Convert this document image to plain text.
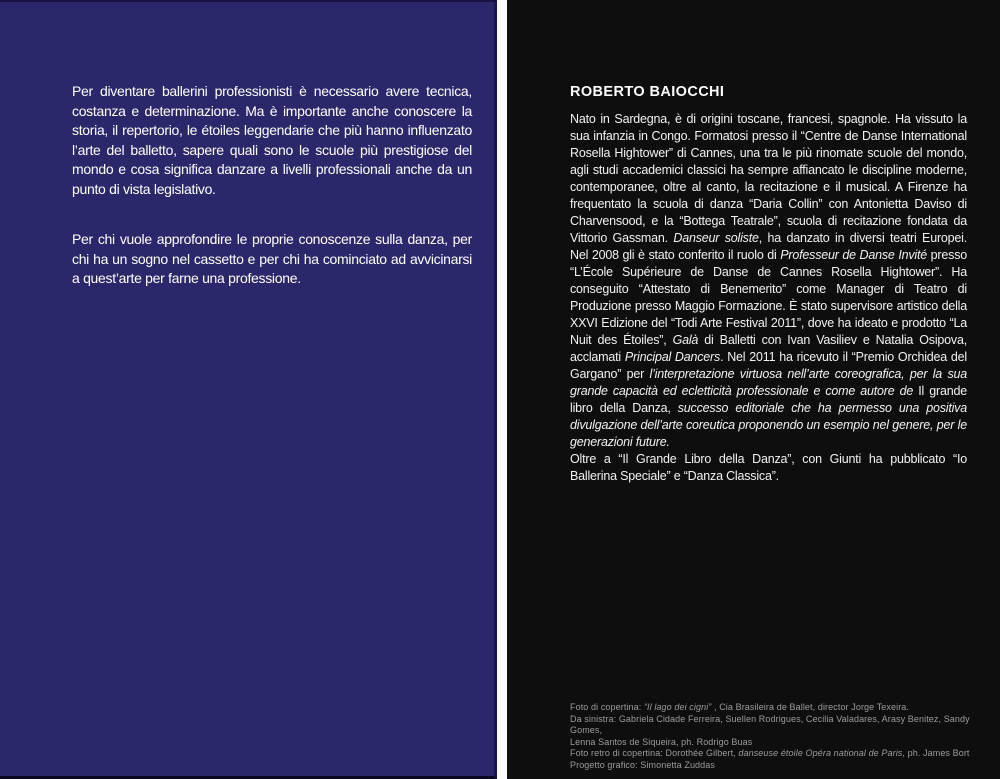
Per diventare ballerini professionisti è necessario avere tecnica, costanza e determinazione. Ma è importante anche conoscere la storia, il repertorio, le étoiles leggendarie che più hanno influenzato l’arte del balletto, sapere quali sono le scuole più prestigiose del mondo e cosa significa danzare a livelli professionali anche da un punto di vista legislativo.

Per chi vuole approfondire le proprie conoscenze sulla danza, per chi ha un sogno nel cassetto e per chi ha cominciato ad avvicinarsi a quest’arte per farne una professione.

ROBERTO BAIOCCHI

Nato in Sardegna, è di origini toscane, francesi, spagnole. Ha vissuto la sua infanzia in Congo. Formatosi presso il “Centre de Danse International Rosella Hightower” di Cannes, una tra le più rinomate scuole del mondo, agli studi accademici classici ha sempre affiancato le discipline moderne, contemporanee, oltre al canto, la recitazione e il musical. A Firenze ha frequentato la scuola di danza “Daria Collin” con Antonietta Daviso di Charvensood, e la “Bottega Teatrale”, scuola di recitazione fondata da Vittorio Gassman. Danseur soliste, ha danzato in diversi teatri Europei. Nel 2008 gli è stato conferito il ruolo di Professeur de Danse Invité presso “L’École Supérieure de Danse de Cannes Rosella Hightower”. Ha conseguito “Attestato di Benemerito” come Manager di Teatro di Produzione presso Maggio Formazione. È stato supervisore artistico della XXVI Edizione del “Todi Arte Festival 2011”, dove ha ideato e prodotto “La Nuit des Étoiles”, Galà di Balletti con Ivan Vasiliev e Natalia Osipova, acclamati Principal Dancers. Nel 2011 ha ricevuto il “Premio Orchidea del Gargano” per l’interpretazione virtuosa nell’arte coreografica, per la sua grande capacità ed ecletticità professionale e come autore de Il grande libro della Danza, successo editoriale che ha permesso una positiva divulgazione dell’arte coreutica proponendo un esempio nel genere, per le generazioni future.

Oltre a “Il Grande Libro della Danza”, con Giunti ha pubblicato “Io Ballerina Speciale” e “Danza Classica”.

Foto di copertina: “Il lago dei cigni” , Cia Brasileira de Ballet, director Jorge Texeira.

Da sinistra: Gabriela Cidade Ferreira, Suellen Rodrigues, Cecilia Valadares, Arasy Benitez, Sandy Gomes,

Lenna Santos de Siqueira, ph. Rodrigo Buas

Foto retro di copertina: Dorothée Gilbert, danseuse étoile Opéra national de Paris, ph. James Bort

Progetto grafico: Simonetta Zuddas
